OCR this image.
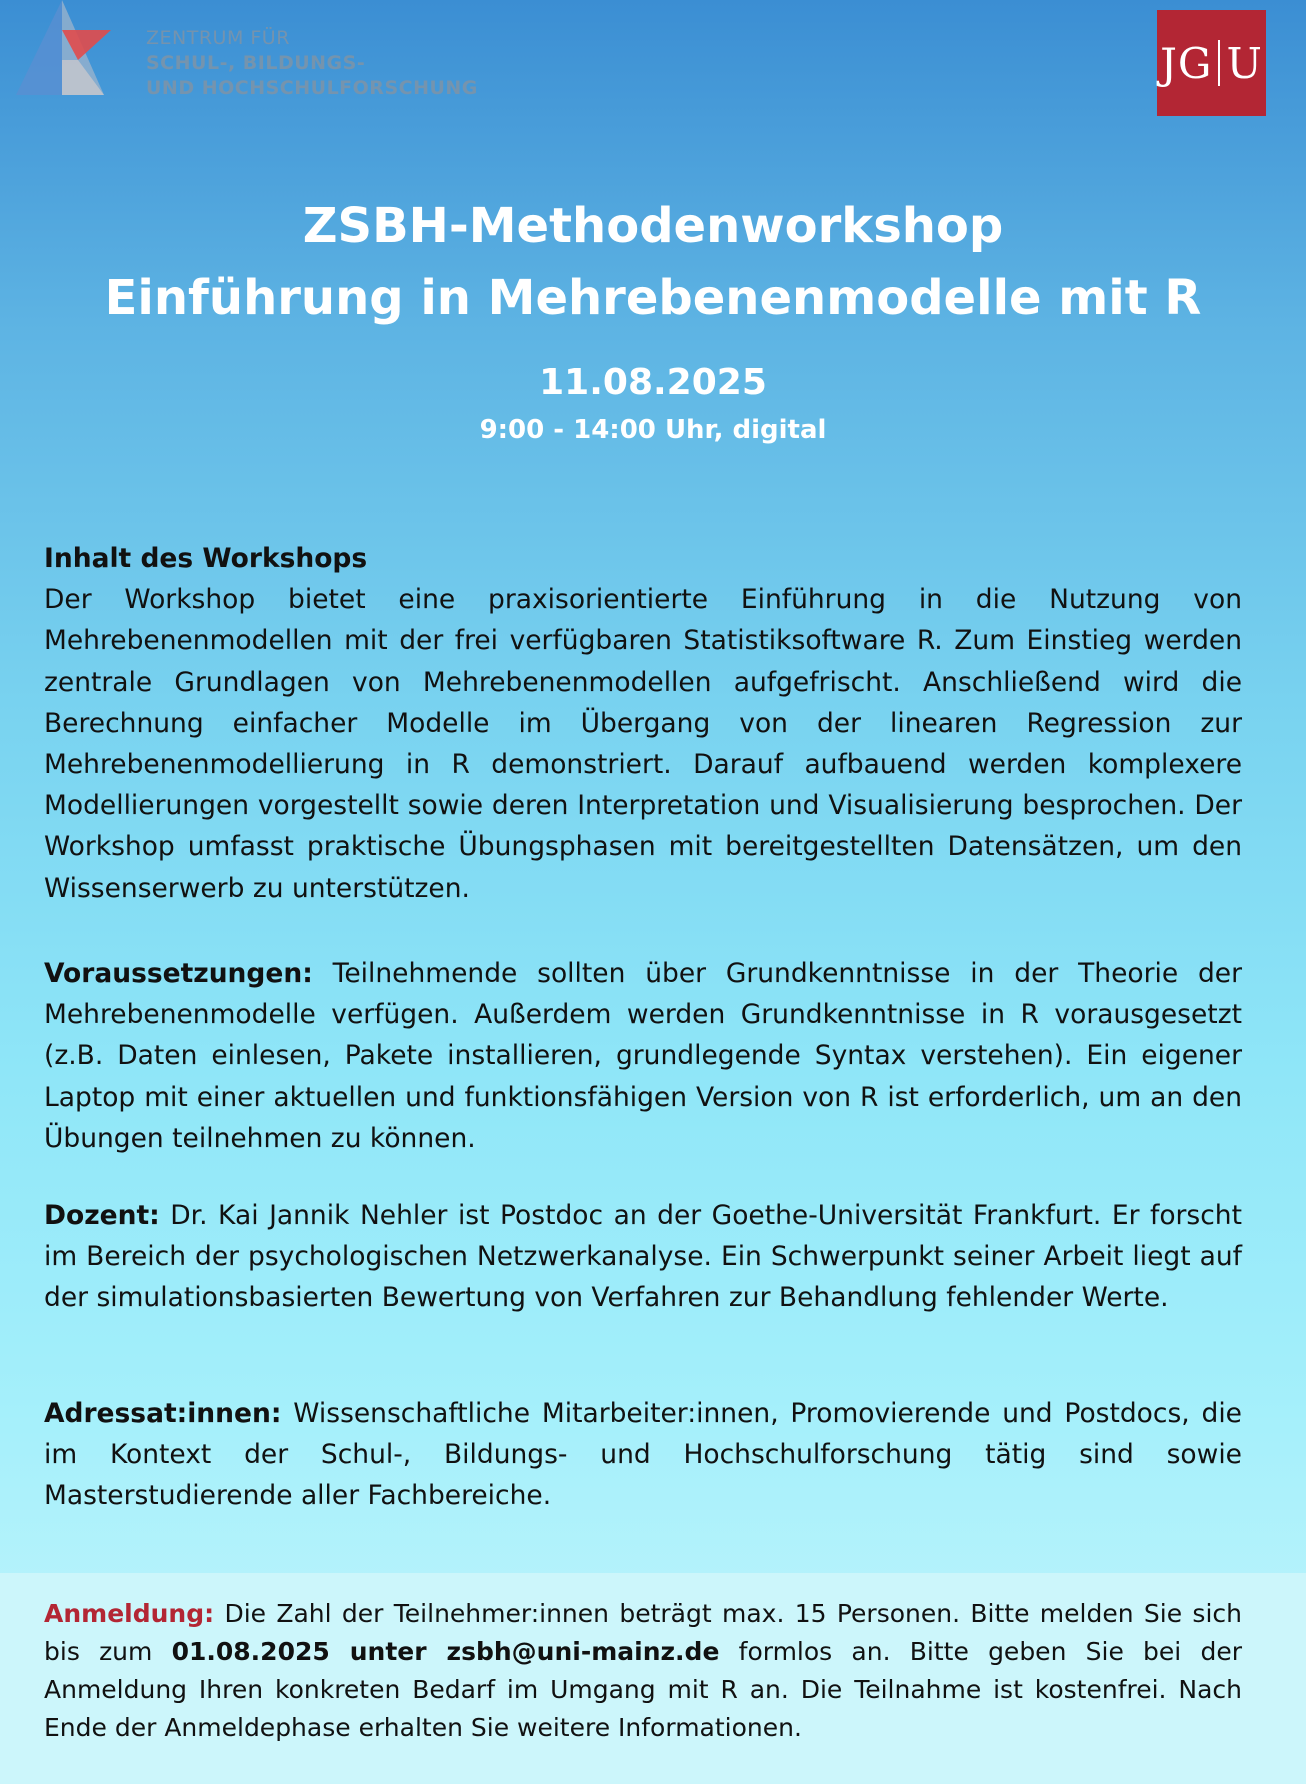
ZENTRUM FÜR
SCHUL-, BILDUNGS-
UND HOCHSCHULFORSCHUNG
JG U
ZSBH-Methodenworkshop
Einführung in Mehrebenenmodelle mit R
11.08.2025
9:00 - 14:00 Uhr, digital
Inhalt des Workshops
Der Workshop bietet eine praxisorientierte Einführung in die Nutzung von Mehrebenenmodellen mit der frei verfügbaren Statistiksoftware R. Zum Einstieg werden zentrale Grundlagen von Mehrebenenmodellen aufgefrischt. Anschließend wird die Berechnung einfacher Modelle im Übergang von der linearen Regression zur Mehrebenenmodellierung in R demonstriert. Darauf aufbauend werden komplexere Modellierungen vorgestellt sowie deren Interpretation und Visualisierung besprochen. Der Workshop umfasst praktische Übungsphasen mit bereitgestellten Datensätzen, um den Wissenserwerb zu unterstützen.
Voraussetzungen: Teilnehmende sollten über Grundkenntnisse in der Theorie der Mehrebenenmodelle verfügen. Außerdem werden Grundkenntnisse in R vorausgesetzt (z.B. Daten einlesen, Pakete installieren, grundlegende Syntax verstehen). Ein eigener Laptop mit einer aktuellen und funktionsfähigen Version von R ist erforderlich, um an den Übungen teilnehmen zu können.
Dozent: Dr. Kai Jannik Nehler ist Postdoc an der Goethe-Universität Frankfurt. Er forscht im Bereich der psychologischen Netzwerkanalyse. Ein Schwerpunkt seiner Arbeit liegt auf der simulationsbasierten Bewertung von Verfahren zur Behandlung fehlender Werte.
Adressat:innen: Wissenschaftliche Mitarbeiter:innen, Promovierende und Postdocs, die im Kontext der Schul-, Bildungs- und Hochschulforschung tätig sind sowie Masterstudierende aller Fachbereiche.
Anmeldung: Die Zahl der Teilnehmer:innen beträgt max. 15 Personen. Bitte melden Sie sich bis zum 01.08.2025 unter zsbh@uni-mainz.de formlos an. Bitte geben Sie bei der Anmeldung Ihren konkreten Bedarf im Umgang mit R an. Die Teilnahme ist kostenfrei. Nach Ende der Anmeldephase erhalten Sie weitere Informationen.
